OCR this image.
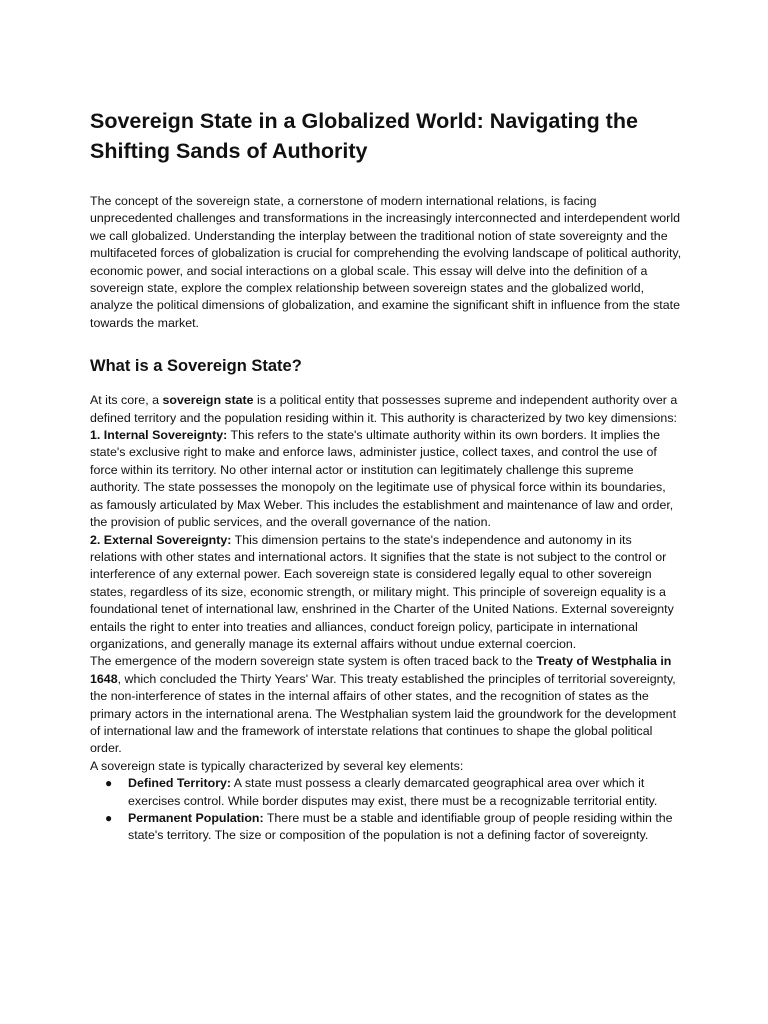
Sovereign State in a Globalized World: Navigating the Shifting Sands of Authority

The concept of the sovereign state, a cornerstone of modern international relations, is facing unprecedented challenges and transformations in the increasingly interconnected and interdependent world we call globalized. Understanding the interplay between the traditional notion of state sovereignty and the multifaceted forces of globalization is crucial for comprehending the evolving landscape of political authority, economic power, and social interactions on a global scale. This essay will delve into the definition of a sovereign state, explore the complex relationship between sovereign states and the globalized world, analyze the political dimensions of globalization, and examine the significant shift in influence from the state towards the market.

What is a Sovereign State?

At its core, a sovereign state is a political entity that possesses supreme and independent authority over a defined territory and the population residing within it. This authority is characterized by two key dimensions:

1. Internal Sovereignty: This refers to the state's ultimate authority within its own borders. It implies the state's exclusive right to make and enforce laws, administer justice, collect taxes, and control the use of force within its territory. No other internal actor or institution can legitimately challenge this supreme authority. The state possesses the monopoly on the legitimate use of physical force within its boundaries, as famously articulated by Max Weber. This includes the establishment and maintenance of law and order, the provision of public services, and the overall governance of the nation.

2. External Sovereignty: This dimension pertains to the state's independence and autonomy in its relations with other states and international actors. It signifies that the state is not subject to the control or interference of any external power. Each sovereign state is considered legally equal to other sovereign states, regardless of its size, economic strength, or military might. This principle of sovereign equality is a foundational tenet of international law, enshrined in the Charter of the United Nations. External sovereignty entails the right to enter into treaties and alliances, conduct foreign policy, participate in international organizations, and generally manage its external affairs without undue external coercion.

The emergence of the modern sovereign state system is often traced back to the Treaty of Westphalia in 1648, which concluded the Thirty Years' War. This treaty established the principles of territorial sovereignty, the non-interference of states in the internal affairs of other states, and the recognition of states as the primary actors in the international arena. The Westphalian system laid the groundwork for the development of international law and the framework of interstate relations that continues to shape the global political order.

A sovereign state is typically characterized by several key elements:

● Defined Territory: A state must possess a clearly demarcated geographical area over which it exercises control. While border disputes may exist, there must be a recognizable territorial entity.
● Permanent Population: There must be a stable and identifiable group of people residing within the state's territory. The size or composition of the population is not a defining factor of sovereignty.
